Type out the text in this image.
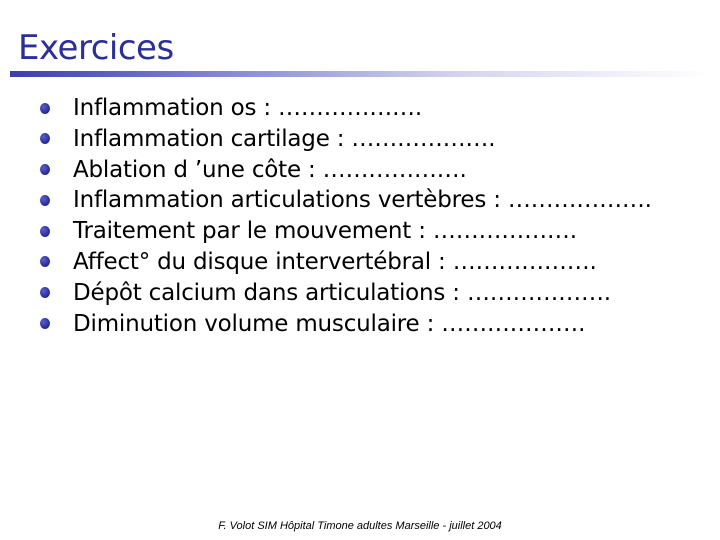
Exercices
Inflammation os : ……………….
Inflammation cartilage : ……………….
Ablation d ’une côte : ……………….
Inflammation articulations vertèbres : ……………….
Traitement par le mouvement : ……………….
Affect° du disque intervertébral : ……………….
Dépôt calcium dans articulations : ……………….
Diminution volume musculaire : ……………….
F. Volot SIM Hôpital Timone adultes Marseille - juillet 2004
